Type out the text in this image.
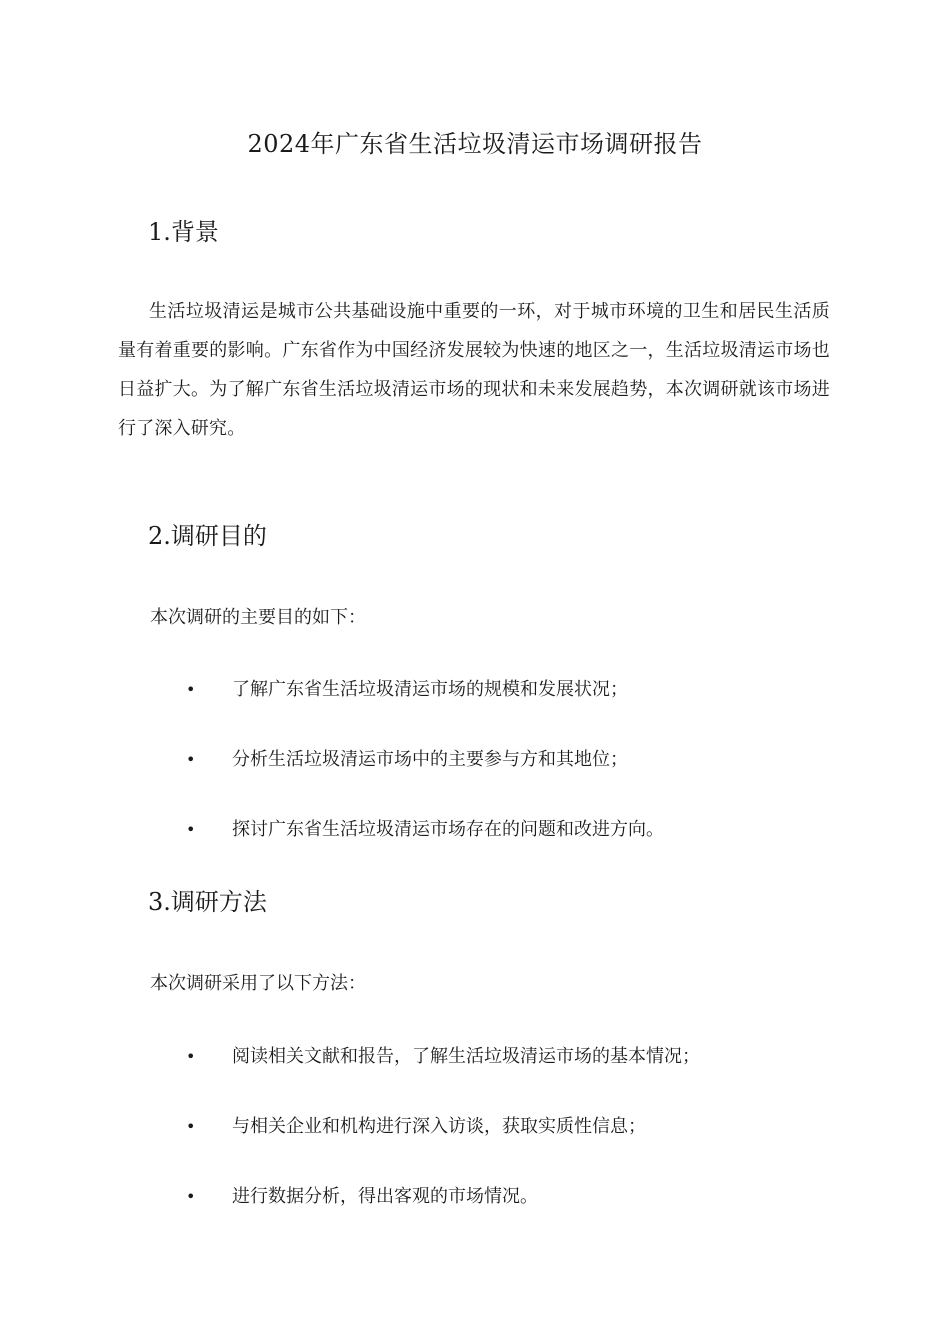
2024年广东省生活垃圾清运市场调研报告
1.背景
生活垃圾清运是城市公共基础设施中重要的一环，对于城市环境的卫生和居民生活质量有着重要的影响。广东省作为中国经济发展较为快速的地区之一，生活垃圾清运市场也日益扩大。为了解广东省生活垃圾清运市场的现状和未来发展趋势，本次调研就该市场进行了深入研究。
2.调研目的
本次调研的主要目的如下：
• 了解广东省生活垃圾清运市场的规模和发展状况；
• 分析生活垃圾清运市场中的主要参与方和其地位；
• 探讨广东省生活垃圾清运市场存在的问题和改进方向。
3.调研方法
本次调研采用了以下方法：
• 阅读相关文献和报告，了解生活垃圾清运市场的基本情况；
• 与相关企业和机构进行深入访谈，获取实质性信息；
• 进行数据分析，得出客观的市场情况。
